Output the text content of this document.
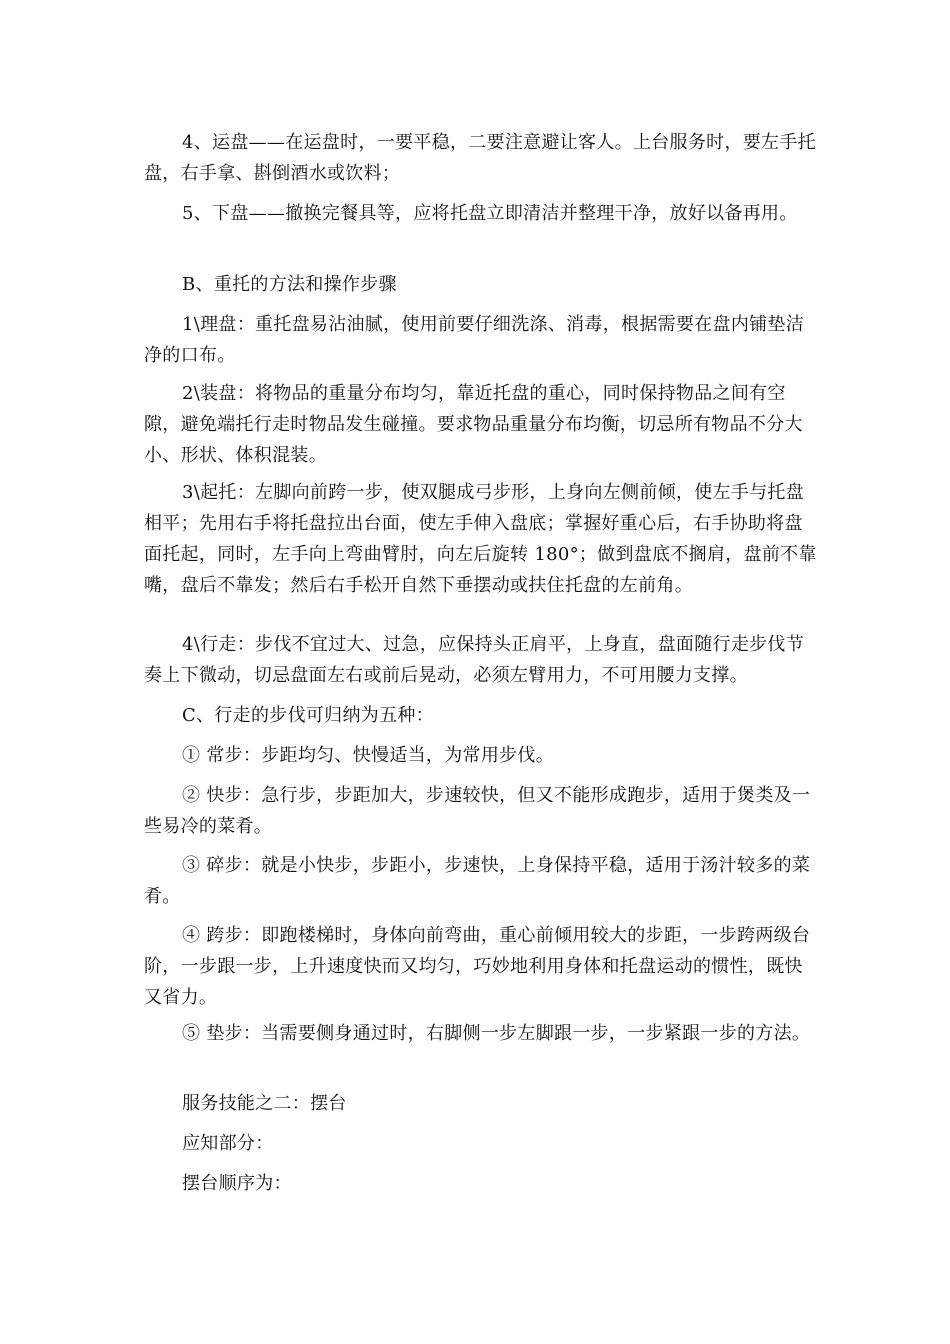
4、运盘——在运盘时，一要平稳，二要注意避让客人。上台服务时，要左手托盘，右手拿、斟倒酒水或饮料；

5、下盘——撤换完餐具等，应将托盘立即清洁并整理干净，放好以备再用。

B、重托的方法和操作步骤

1\理盘：重托盘易沾油腻，使用前要仔细洗涤、消毒，根据需要在盘内铺垫洁净的口布。

2\装盘：将物品的重量分布均匀，靠近托盘的重心，同时保持物品之间有空隙，避免端托行走时物品发生碰撞。要求物品重量分布均衡，切忌所有物品不分大小、形状、体积混装。

3\起托：左脚向前跨一步，使双腿成弓步形，上身向左侧前倾，使左手与托盘相平；先用右手将托盘拉出台面，使左手伸入盘底；掌握好重心后，右手协助将盘面托起，同时，左手向上弯曲臂肘，向左后旋转 180°；做到盘底不搁肩，盘前不靠嘴，盘后不靠发；然后右手松开自然下垂摆动或扶住托盘的左前角。

4\行走：步伐不宜过大、过急，应保持头正肩平，上身直，盘面随行走步伐节奏上下微动，切忌盘面左右或前后晃动，必须左臂用力，不可用腰力支撑。

C、行走的步伐可归纳为五种：

① 常步：步距均匀、快慢适当，为常用步伐。

② 快步：急行步，步距加大，步速较快，但又不能形成跑步，适用于煲类及一些易冷的菜肴。

③ 碎步：就是小快步，步距小，步速快，上身保持平稳，适用于汤汁较多的菜肴。

④ 跨步：即跑楼梯时，身体向前弯曲，重心前倾用较大的步距，一步跨两级台阶，一步跟一步，上升速度快而又均匀，巧妙地利用身体和托盘运动的惯性，既快又省力。

⑤ 垫步：当需要侧身通过时，右脚侧一步左脚跟一步，一步紧跟一步的方法。

服务技能之二：摆台

应知部分：

摆台顺序为：
